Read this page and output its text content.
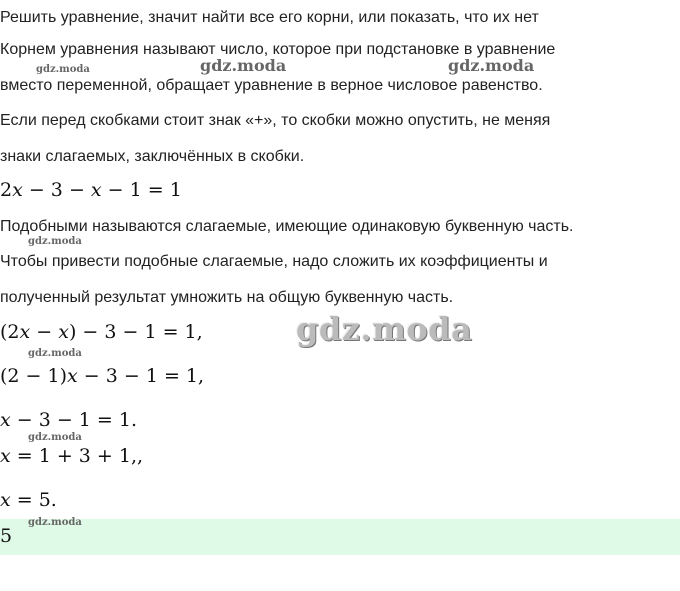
Решить уравнение, значит найти все его корни, или показать, что их нет
Корнем уравнения называют число, которое при подстановке в уравнение
вместо переменной, обращает уравнение в верное числовое равенство.
Если перед скобками стоит знак «+», то скобки можно опустить, не меняя
знаки слагаемых, заключённых в скобки.
2x − 3 − x − 1 = 1
Подобными называются слагаемые, имеющие одинаковую буквенную часть.
Чтобы привести подобные слагаемые, надо сложить их коэффициенты и
полученный результат умножить на общую буквенную часть.
(2x − x) − 3 − 1 = 1,
(2 − 1)x − 3 − 1 = 1,
x − 3 − 1 = 1.
x = 1 + 3 + 1,,
x = 5.
5
gdz.moda	gdz.moda	gdz.moda
gdz.moda
gdz.moda
gdz.moda
gdz.moda
gdz.moda
